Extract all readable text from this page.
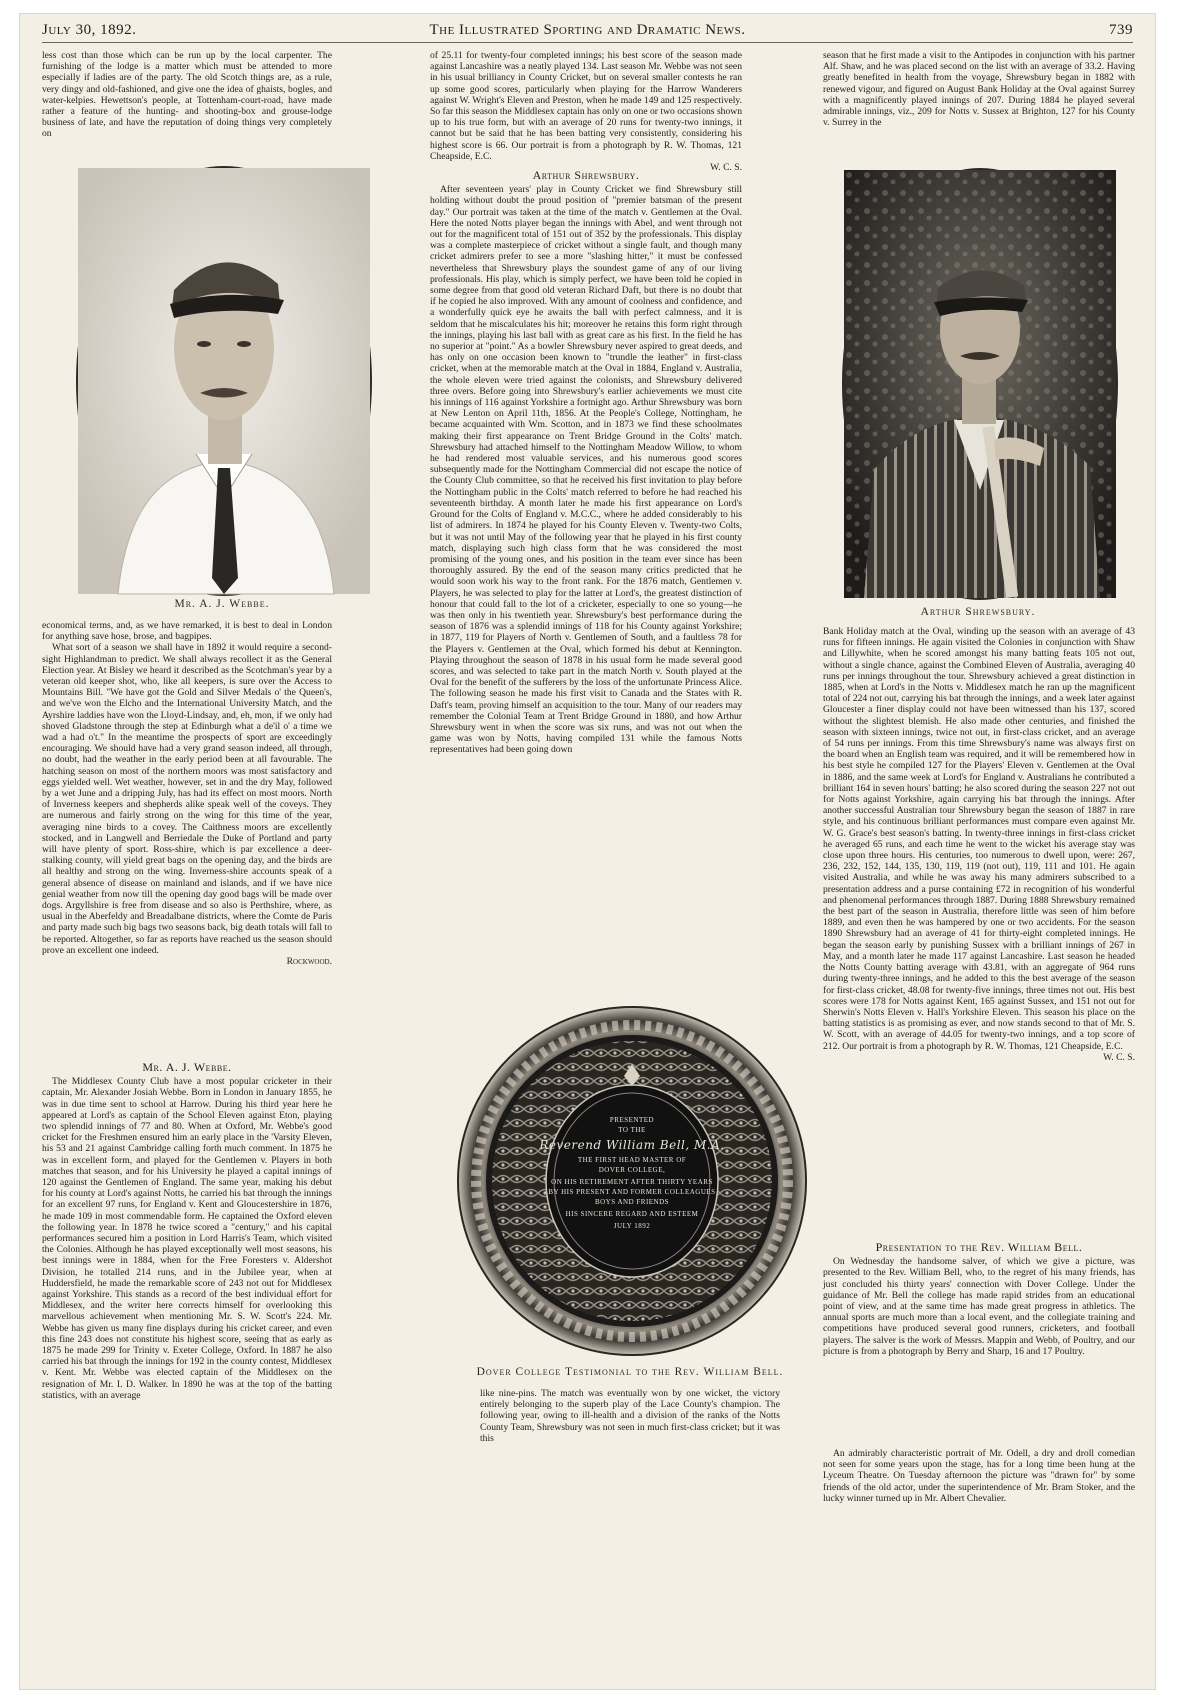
July 30, 1892.	The Illustrated Sporting and Dramatic News.	739

less cost than those which can be run up by the local carpenter. The furnishing of the lodge is a matter which must be attended to more especially if ladies are of the party. The old Scotch things are, as a rule, very dingy and old-fashioned, and give one the idea of ghaists, bogles, and water-kelpies. Hewettson's people, at Tottenham-court-road, have made rather a feature of the hunting- and shooting-box and grouse-lodge business of late, and have the reputation of doing things very completely on

Mr. A. J. Webbe.

economical terms, and, as we have remarked, it is best to deal in London for anything save hose, brose, and bagpipes.

What sort of a season we shall have in 1892 it would require a second-sight Highlandman to predict. We shall always recollect it as the General Election year. At Bisley we heard it described as the Scotchman's year by a veteran old keeper shot, who, like all keepers, is sure over the Access to Mountains Bill. "We have got the Gold and Silver Medals o' the Queen's, and we've won the Elcho and the International University Match, and the Ayrshire laddies have won the Lloyd-Lindsay, and, eh, mon, if we only had shoved Gladstone through the step at Edinburgh what a de'il o' a time we wad a had o't." In the meantime the prospects of sport are exceedingly encouraging. We should have had a very grand season indeed, all through, no doubt, had the weather in the early period been at all favourable. The hatching season on most of the northern moors was most satisfactory and eggs yielded well. Wet weather, however, set in and the dry May, followed by a wet June and a dripping July, has had its effect on most moors. North of Inverness keepers and shepherds alike speak well of the coveys. They are numerous and fairly strong on the wing for this time of the year, averaging nine birds to a covey. The Caithness moors are excellently stocked, and in Langwell and Berriedale the Duke of Portland and party will have plenty of sport. Ross-shire, which is par excellence a deer-stalking county, will yield great bags on the opening day, and the birds are all healthy and strong on the wing. Inverness-shire accounts speak of a general absence of disease on mainland and islands, and if we have nice genial weather from now till the opening day good bags will be made over dogs. Argyllshire is free from disease and so also is Perthshire, where, as usual in the Aberfeldy and Breadalbane districts, where the Comte de Paris and party made such big bags two seasons back, big death totals will fall to be reported. Altogether, so far as reports have reached us the season should prove an excellent one indeed.

Rockwood.

Mr. A. J. Webbe.

The Middlesex County Club have a most popular cricketer in their captain, Mr. Alexander Josiah Webbe. Born in London in January 1855, he was in due time sent to school at Harrow. During his third year here he appeared at Lord's as captain of the School Eleven against Eton, playing two splendid innings of 77 and 80. When at Oxford, Mr. Webbe's good cricket for the Freshmen ensured him an early place in the 'Varsity Eleven, his 53 and 21 against Cambridge calling forth much comment. In 1875 he was in excellent form, and played for the Gentlemen v. Players in both matches that season, and for his University he played a capital innings of 120 against the Gentlemen of England. The same year, making his debut for his county at Lord's against Notts, he carried his bat through the innings for an excellent 97 runs, for England v. Kent and Gloucestershire in 1876, he made 109 in most commendable form. He captained the Oxford eleven the following year. In 1878 he twice scored a "century," and his capital performances secured him a position in Lord Harris's Team, which visited the Colonies. Although he has played exceptionally well most seasons, his best innings were in 1884, when for the Free Foresters v. Aldershot Division, he totalled 214 runs, and in the Jubilee year, when at Huddersfield, he made the remarkable score of 243 not out for Middlesex against Yorkshire. This stands as a record of the best individual effort for Middlesex, and the writer here corrects himself for overlooking this marvellous achievement when mentioning Mr. S. W. Scott's 224. Mr. Webbe has given us many fine displays during his cricket career, and even this fine 243 does not constitute his highest score, seeing that as early as 1875 he made 299 for Trinity v. Exeter College, Oxford. In 1887 he also carried his bat through the innings for 192 in the county contest, Middlesex v. Kent. Mr. Webbe was elected captain of the Middlesex on the resignation of Mr. I. D. Walker. In 1890 he was at the top of the batting statistics, with an average

of 25.11 for twenty-four completed innings; his best score of the season made against Lancashire was a neatly played 134. Last season Mr. Webbe was not seen in his usual brilliancy in County Cricket, but on several smaller contests he ran up some good scores, particularly when playing for the Harrow Wanderers against W. Wright's Eleven and Preston, when he made 149 and 125 respectively. So far this season the Middlesex captain has only on one or two occasions shown up to his true form, but with an average of 20 runs for twenty-two innings, it cannot but be said that he has been batting very consistently, considering his highest score is 66. Our portrait is from a photograph by R. W. Thomas, 121 Cheapside, E.C.

W. C. S.

Arthur Shrewsbury.

After seventeen years' play in County Cricket we find Shrewsbury still holding without doubt the proud position of "premier batsman of the present day." Our portrait was taken at the time of the match v. Gentlemen at the Oval. Here the noted Notts player began the innings with Abel, and went through not out for the magnificent total of 151 out of 352 by the professionals. This display was a complete masterpiece of cricket without a single fault, and though many cricket admirers prefer to see a more "slashing hitter," it must be confessed nevertheless that Shrewsbury plays the soundest game of any of our living professionals. His play, which is simply perfect, we have been told he copied in some degree from that good old veteran Richard Daft, but there is no doubt that if he copied he also improved. With any amount of coolness and confidence, and a wonderfully quick eye he awaits the ball with perfect calmness, and it is seldom that he miscalculates his hit; moreover he retains this form right through the innings, playing his last ball with as great care as his first. In the field he has no superior at "point." As a bowler Shrewsbury never aspired to great deeds, and has only on one occasion been known to "trundle the leather" in first-class cricket, when at the memorable match at the Oval in 1884, England v. Australia, the whole eleven were tried against the colonists, and Shrewsbury delivered three overs. Before going into Shrewsbury's earlier achievements we must cite his innings of 116 against Yorkshire a fortnight ago. Arthur Shrewsbury was born at New Lenton on April 11th, 1856. At the People's College, Nottingham, he became acquainted with Wm. Scotton, and in 1873 we find these schoolmates making their first appearance on Trent Bridge Ground in the Colts' match. Shrewsbury had attached himself to the Nottingham Meadow Willow, to whom he had rendered most valuable services, and his numerous good scores subsequently made for the Nottingham Commercial did not escape the notice of the County Club committee, so that he received his first invitation to play before the Nottingham public in the Colts' match referred to before he had reached his seventeenth birthday. A month later he made his first appearance on Lord's Ground for the Colts of England v. M.C.C., where he added considerably to his list of admirers. In 1874 he played for his County Eleven v. Twenty-two Colts, but it was not until May of the following year that he played in his first county match, displaying such high class form that he was considered the most promising of the young ones, and his position in the team ever since has been thoroughly assured. By the end of the season many critics predicted that he would soon work his way to the front rank. For the 1876 match, Gentlemen v. Players, he was selected to play for the latter at Lord's, the greatest distinction of honour that could fall to the lot of a cricketer, especially to one so young—he was then only in his twentieth year. Shrewsbury's best performance during the season of 1876 was a splendid innings of 118 for his County against Yorkshire; in 1877, 119 for Players of North v. Gentlemen of South, and a faultless 78 for the Players v. Gentlemen at the Oval, which formed his debut at Kennington. Playing throughout the season of 1878 in his usual form he made several good scores, and was selected to take part in the match North v. South played at the Oval for the benefit of the sufferers by the loss of the unfortunate Princess Alice. The following season he made his first visit to Canada and the States with R. Daft's team, proving himself an acquisition to the tour. Many of our readers may remember the Colonial Team at Trent Bridge Ground in 1880, and how Arthur Shrewsbury went in when the score was six runs, and was not out when the game was won by Notts, having compiled 131 while the famous Notts representatives had been going down

season that he first made a visit to the Antipodes in conjunction with his partner Alf. Shaw, and he was placed second on the list with an average of 33.2. Having greatly benefited in health from the voyage, Shrewsbury began in 1882 with renewed vigour, and figured on August Bank Holiday at the Oval against Surrey with a magnificently played innings of 207. During 1884 he played several admirable innings, viz., 209 for Notts v. Sussex at Brighton, 127 for his County v. Surrey in the

Arthur Shrewsbury.

Bank Holiday match at the Oval, winding up the season with an average of 43 runs for fifteen innings. He again visited the Colonies in conjunction with Shaw and Lillywhite, when he scored amongst his many batting feats 105 not out, without a single chance, against the Combined Eleven of Australia, averaging 40 runs per innings throughout the tour. Shrewsbury achieved a great distinction in 1885, when at Lord's in the Notts v. Middlesex match he ran up the magnificent total of 224 not out, carrying his bat through the innings, and a week later against Gloucester a finer display could not have been witnessed than his 137, scored without the slightest blemish. He also made other centuries, and finished the season with sixteen innings, twice not out, in first-class cricket, and an average of 54 runs per innings. From this time Shrewsbury's name was always first on the board when an English team was required, and it will be remembered how in his best style he compiled 127 for the Players' Eleven v. Gentlemen at the Oval in 1886, and the same week at Lord's for England v. Australians he contributed a brilliant 164 in seven hours' batting; he also scored during the season 227 not out for Notts against Yorkshire, again carrying his bat through the innings. After another successful Australian tour Shrewsbury began the season of 1887 in rare style, and his continuous brilliant performances must compare even against Mr. W. G. Grace's best season's batting. In twenty-three innings in first-class cricket he averaged 65 runs, and each time he went to the wicket his average stay was close upon three hours. His centuries, too numerous to dwell upon, were: 267, 236, 232, 152, 144, 135, 130, 119, 119 (not out), 119, 111 and 101. He again visited Australia, and while he was away his many admirers subscribed to a presentation address and a purse containing £72 in recognition of his wonderful and phenomenal performances through 1887. During 1888 Shrewsbury remained the best part of the season in Australia, therefore little was seen of him before 1889, and even then he was hampered by one or two accidents. For the season 1890 Shrewsbury had an average of 41 for thirty-eight completed innings. He began the season early by punishing Sussex with a brilliant innings of 267 in May, and a month later he made 117 against Lancashire. Last season he headed the Notts County batting average with 43.81, with an aggregate of 964 runs during twenty-three innings, and he added to this the best average of the season for first-class cricket, 48.08 for twenty-five innings, three times not out. His best scores were 178 for Notts against Kent, 165 against Sussex, and 151 not out for Sherwin's Notts Eleven v. Hall's Yorkshire Eleven. This season his place on the batting statistics is as promising as ever, and now stands second to that of Mr. S. W. Scott, with an average of 44.05 for twenty-two innings, and a top score of 212. Our portrait is from a photograph by R. W. Thomas, 121 Cheapside, E.C.

W. C. S.

Presentation to the Rev. William Bell.

On Wednesday the handsome salver, of which we give a picture, was presented to the Rev. William Bell, who, to the regret of his many friends, has just concluded his thirty years' connection with Dover College. Under the guidance of Mr. Bell the college has made rapid strides from an educational point of view, and at the same time has made great progress in athletics. The annual sports are much more than a local event, and the collegiate training and competitions have produced several good runners, cricketers, and football players. The salver is the work of Messrs. Mappin and Webb, of Poultry, and our picture is from a photograph by Berry and Sharp, 16 and 17 Poultry.

An admirably characteristic portrait of Mr. Odell, a dry and droll comedian not seen for some years upon the stage, has for a long time been hung at the Lyceum Theatre. On Tuesday afternoon the picture was "drawn for" by some friends of the old actor, under the superintendence of Mr. Bram Stoker, and the lucky winner turned up in Mr. Albert Chevalier.

PRESENTED
TO THE
Reverend William Bell, M.A.
THE FIRST HEAD MASTER OF
DOVER COLLEGE,
ON HIS RETIREMENT AFTER THIRTY YEARS
BY HIS PRESENT AND FORMER COLLEAGUES
BOYS AND FRIENDS
HIS SINCERE REGARD AND ESTEEM
JULY 1892
Dover College Testimonial to the Rev. William Bell.

like nine-pins. The match was eventually won by one wicket, the victory entirely belonging to the superb play of the Lace County's champion. The following year, owing to ill-health and a division of the ranks of the Notts County Team, Shrewsbury was not seen in much first-class cricket; but it was this
